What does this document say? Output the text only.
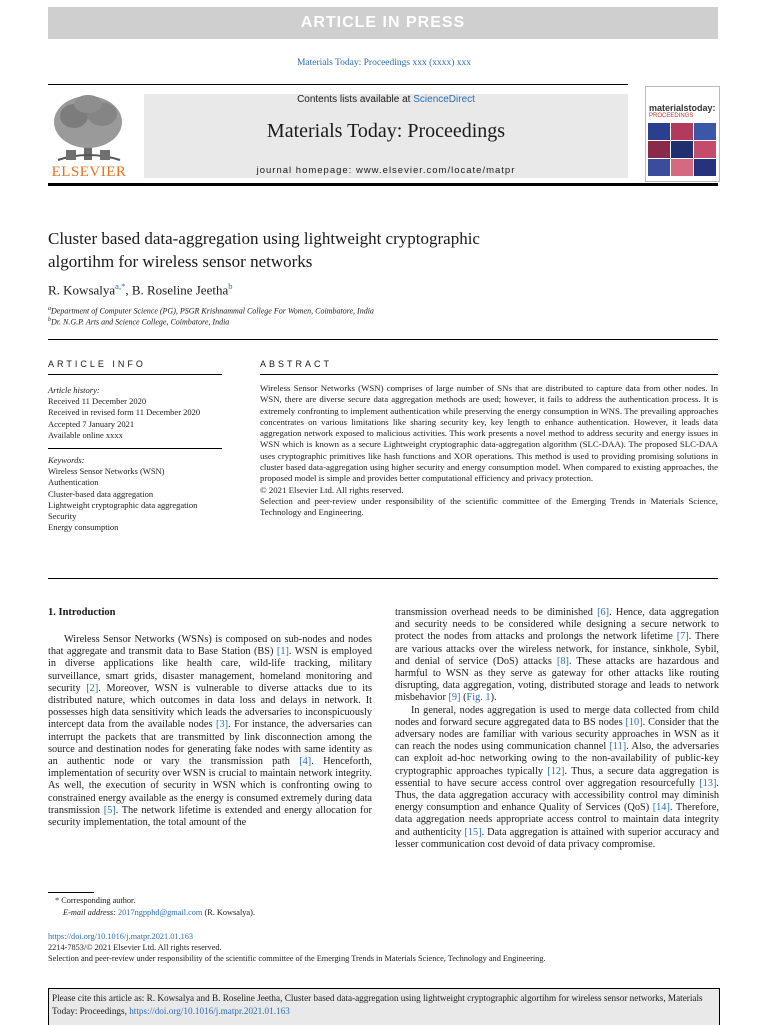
ARTICLE IN PRESS
Materials Today: Proceedings xxx (xxxx) xxx
ELSEVIER
Contents lists available at ScienceDirect
Materials Today: Proceedings
journal homepage: www.elsevier.com/locate/matpr
materialstoday:
PROCEEDINGS
Cluster based data-aggregation using lightweight cryptographic
algortihm for wireless sensor networks
R. Kowsalya$^{a,*}$, B. Roseline Jeetha$^b$
$^a$Department of Computer Science (PG), PSGR Krishnammal College For Women, Coimbatore, India
$^b$Dr. N.G.P. Arts and Science College, Coimbatore, India
ARTICLE INFO
Article history:
Received 11 December 2020
Received in revised form 11 December 2020
Accepted 7 January 2021
Available online xxxx
Keywords:
Wireless Sensor Networks (WSN)
Authentication
Cluster-based data aggregation
Lightweight cryptographic data aggregation
Security
Energy consumption
ABSTRACT

Wireless Sensor Networks (WSN) comprises of large number of SNs that are distributed to capture data from other nodes. In WSN, there are diverse secure data aggregation methods are used; however, it fails to address the authentication process. It is extremely confronting to implement authentication while preserving the energy consumption in WNS. The prevailing approaches concentrates on various limitations like sharing security key, key length to enhance authentication. However, it leads data aggregation network exposed to malicious activities. This work presents a novel method to address security and energy issues in WSN which is known as a secure Lightweight cryptographic data-aggregation algorithm (SLC-DAA). The proposed SLC-DAA uses cryptographic primitives like hash functions and XOR operations. This method is used to providing promising solutions in cluster based data-aggregation using higher security and energy consumption model. When compared to existing approaches, the proposed model is simple and provides better computational efficiency and privacy protection.

© 2021 Elsevier Ltd. All rights reserved.

Selection and peer-review under responsibility of the scientific committee of the Emerging Trends in Materials Science, Technology and Engineering.

1. Introduction

Wireless Sensor Networks (WSNs) is composed on sub-nodes and nodes that aggregate and transmit data to Base Station (BS) [1]. WSN is employed in diverse applications like health care, wild-life tracking, military surveillance, smart grids, disaster management, homeland monitoring and security [2]. Moreover, WSN is vulnerable to diverse attacks due to its distributed nature, which outcomes in data loss and delays in network. It possesses high data sensitivity which leads the adversaries to inconspicuously intercept data from the available nodes [3]. For instance, the adversaries can interrupt the packets that are transmitted by link disconnection among the source and destination nodes for generating fake nodes with same identity as an authentic node or vary the transmission path [4]. Henceforth, implementation of security over WSN is crucial to maintain network integrity. As well, the execution of security in WSN which is confronting owing to constrained energy available as the energy is consumed extremely during data transmission [5]. The network lifetime is extended and energy allocation for security implementation, the total amount of the

transmission overhead needs to be diminished [6]. Hence, data aggregation and security needs to be considered while designing a secure network to protect the nodes from attacks and prolongs the network lifetime [7]. There are various attacks over the wireless network, for instance, sinkhole, Sybil, and denial of service (DoS) attacks [8]. These attacks are hazardous and harmful to WSN as they serve as gateway for other attacks like routing disrupting, data aggregation, voting, distributed storage and leads to network misbehavior [9] (Fig. 1).

In general, nodes aggregation is used to merge data collected from child nodes and forward secure aggregated data to BS nodes [10]. Consider that the adversary nodes are familiar with various security approaches in WSN as it can reach the nodes using communication channel [11]. Also, the adversaries can exploit ad-hoc networking owing to the non-availability of public-key cryptographic approaches typically [12]. Thus, a secure data aggregation is essential to have secure access control over aggregation resourcefully [13]. Thus, the data aggregation accuracy with accessibility control may diminish energy consumption and enhance Quality of Services (QoS) [14]. Therefore, data aggregation needs appropriate access control to maintain data integrity and authenticity [15]. Data aggregation is attained with superior accuracy and lesser communication cost devoid of data privacy compromise.

* Corresponding author.
E-mail address: 2017ngpphd@gmail.com (R. Kowsalya).
https://doi.org/10.1016/j.matpr.2021.01.163
2214-7853/© 2021 Elsevier Ltd. All rights reserved.
Selection and peer-review under responsibility of the scientific committee of the Emerging Trends in Materials Science, Technology and Engineering.
Please cite this article as: R. Kowsalya and B. Roseline Jeetha, Cluster based data-aggregation using lightweight cryptographic algortihm for wireless sensor networks, Materials Today: Proceedings, https://doi.org/10.1016/j.matpr.2021.01.163
